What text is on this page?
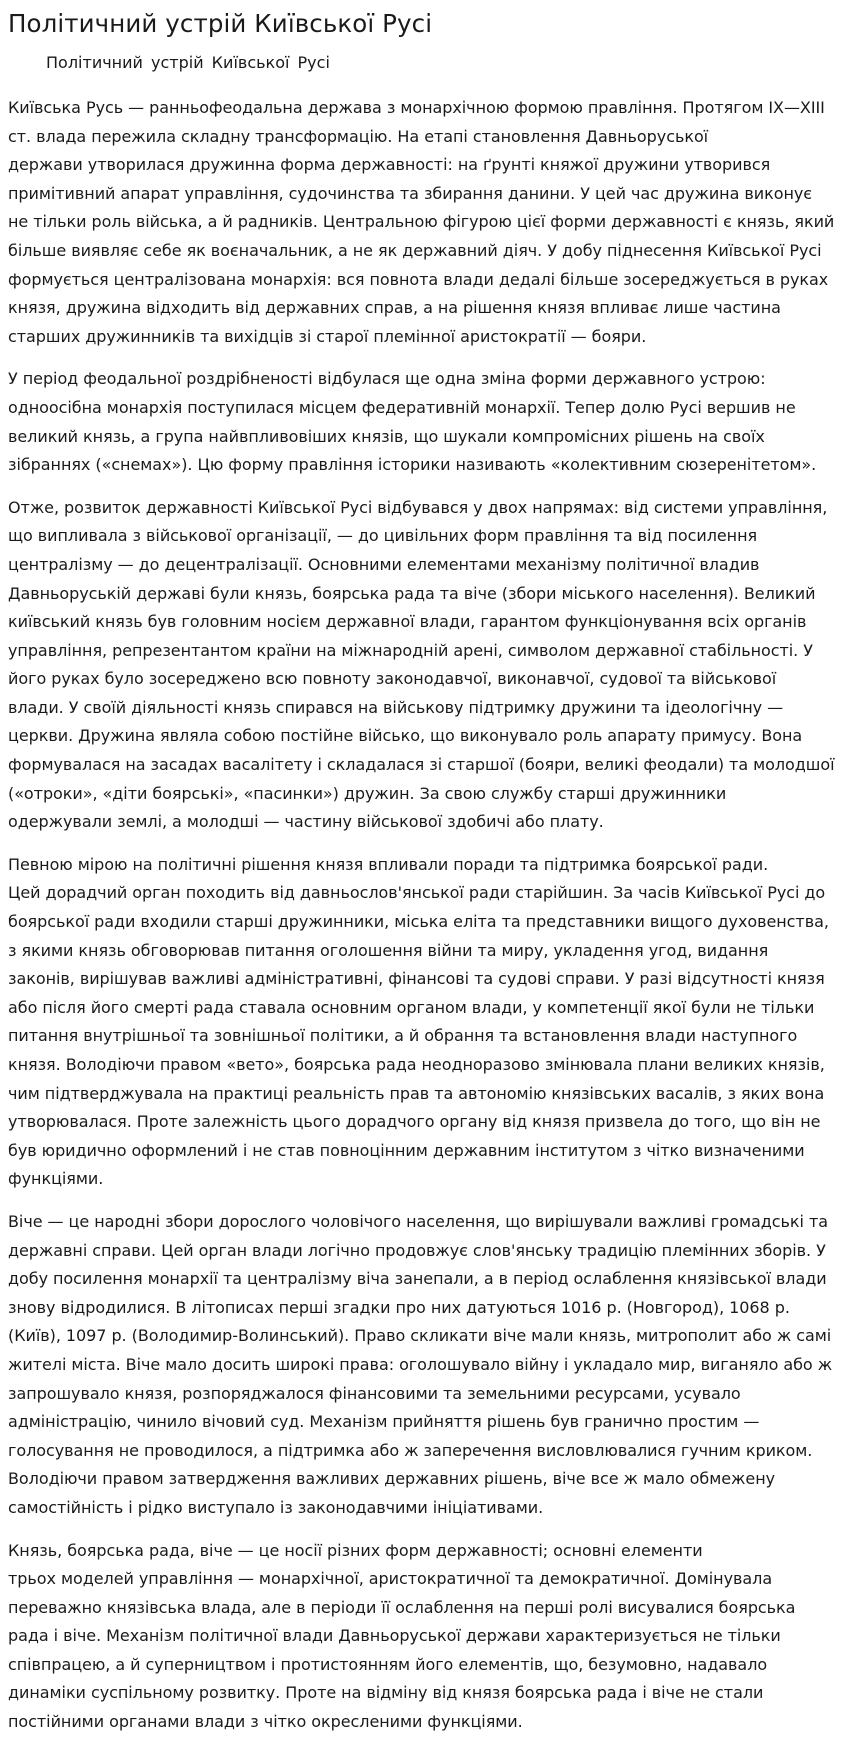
Політичний устрій Київської Русі
Політичний устрій Київської Русі

Київська Русь — ранньофеодальна держава з монархічною формою правління. Протягом IX—XIII
ст. влада пережила складну трансформацію. На етапі становлення Давньоруської
держави утворилася дружинна форма державності: на ґрунті княжої дружини утворився
примітивний апарат управління, судочинства та збирання данини. У цей час дружина виконує
не тільки роль війська, а й радників. Центральною фігурою цієї форми державності є князь, який
більше виявляє себе як воєначальник, а не як державний діяч. У добу піднесення Київської Русі
формується централізована монархія: вся повнота влади дедалі більше зосереджується в руках
князя, дружина відходить від державних справ, а на рішення князя впливає лише частина
старших дружинників та вихідців зі старої племінної аристократії — бояри.

У період феодальної роздрібненості відбулася ще одна зміна форми державного устрою:
одноосібна монархія поступилася місцем федеративній монархії. Тепер долю Русі вершив не
великий князь, а група найвпливовіших князів, що шукали компромісних рішень на своїх
зібраннях («снемах»). Цю форму правління історики називають «колективним сюзеренітетом».

Отже, розвиток державності Київської Русі відбувався у двох напрямах: від системи управління,
що випливала з військової організації, — до цивільних форм правління та від посилення
централізму — до децентралізації. Основними елементами механізму політичної владив
Давньоруській державі були князь, боярська рада та віче (збори міського населення). Великий
київський князь був головним носієм державної влади, гарантом функціонування всіх органів
управління, репрезентантом країни на міжнародній арені, символом державної стабільності. У
його руках було зосереджено всю повноту законодавчої, виконавчої, судової та військової
влади. У своїй діяльності князь спирався на військову підтримку дружини та ідеологічну —
церкви. Дружина являла собою постійне військо, що виконувало роль апарату примусу. Вона
формувалася на засадах васалітету і складалася зі старшої (бояри, великі феодали) та молодшої
(«отроки», «діти боярські», «пасинки») дружин. За свою службу старші дружинники
одержували землі, а молодші — частину військової здобичі або плату.

Певною мірою на політичні рішення князя впливали поради та підтримка боярської ради.
Цей дорадчий орган походить від давньослов'янської ради старійшин. За часів Київської Русі до
боярської ради входили старші дружинники, міська еліта та представники вищого духовенства,
з якими князь обговорював питання оголошення війни та миру, укладення угод, видання
законів, вирішував важливі адміністративні, фінансові та судові справи. У разі відсутності князя
або після його смерті рада ставала основним органом влади, у компетенції якої були не тільки
питання внутрішньої та зовнішньої політики, а й обрання та встановлення влади наступного
князя. Володіючи правом «вето», боярська рада неодноразово змінювала плани великих князів,
чим підтверджувала на практиці реальність прав та автономію князівських васалів, з яких вона
утворювалася. Проте залежність цього дорадчого органу від князя призвела до того, що він не
був юридично оформлений і не став повноцінним державним інститутом з чітко визначеними
функціями.

Віче — це народні збори дорослого чоловічого населення, що вирішували важливі громадські та
державні справи. Цей орган влади логічно продовжує слов'янську традицію племінних зборів. У
добу посилення монархії та централізму віча занепали, а в період ослаблення князівської влади
знову відродилися. В літописах перші згадки про них датуються 1016 р. (Новгород), 1068 р.
(Київ), 1097 р. (Володимир-Волинський). Право скликати віче мали князь, митрополит або ж самі
жителі міста. Віче мало досить широкі права: оголошувало війну і укладало мир, виганяло або ж
запрошувало князя, розпоряджалося фінансовими та земельними ресурсами, усувало
адміністрацію, чинило вічовий суд. Механізм прийняття рішень був гранично простим —
голосування не проводилося, а підтримка або ж заперечення висловлювалися гучним криком.
Володіючи правом затвердження важливих державних рішень, віче все ж мало обмежену
самостійність і рідко виступало із законодавчими ініціативами.

Князь, боярська рада, віче — це носії різних форм державності; основні елементи
трьох моделей управління — монархічної, аристократичної та демократичної. Домінувала
переважно князівська влада, але в періоди її ослаблення на перші ролі висувалися боярська
рада і віче. Механізм політичної влади Давньоруської держави характеризується не тільки
співпрацею, а й суперництвом і протистоянням його елементів, що, безумовно, надавало
динаміки суспільному розвитку. Проте на відміну від князя боярська рада і віче не стали
постійними органами влади з чітко окресленими функціями.
